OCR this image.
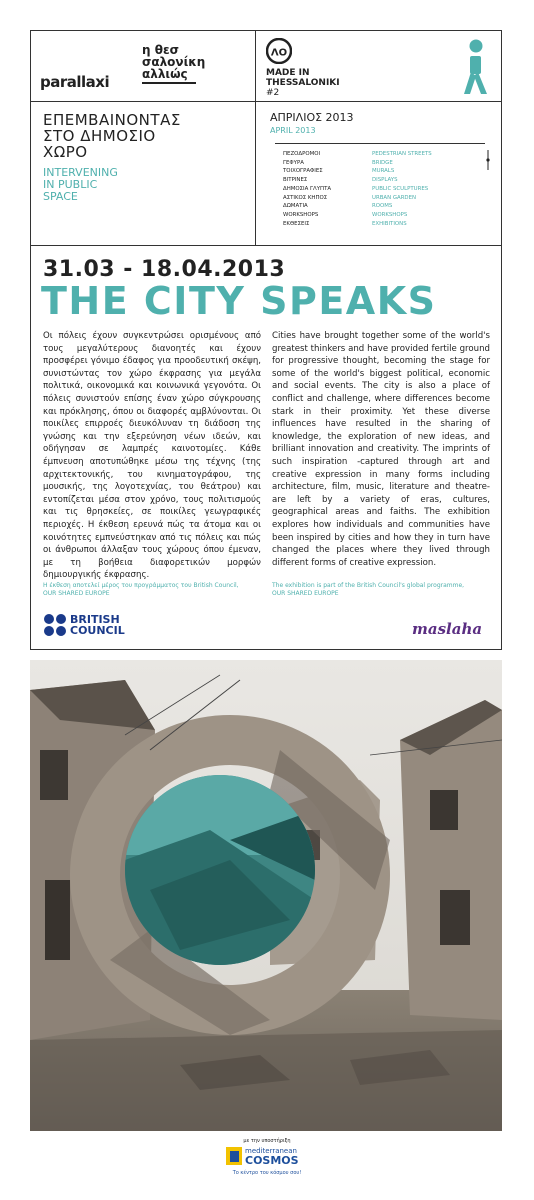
parallaxi
η θεσ
σαλονίκη
αλλιώς
ΛΟ
MADE IN
THESSALONIKI
#2
ΕΠΕΜΒΑΙΝΟΝΤΑΣ
ΣΤΟ ΔΗΜΟΣΙΟ
ΧΩΡΟ
INTERVENING
IN PUBLIC
SPACE
ΑΠΡΙΛΙΟΣ 2013
APRIL 2013
ΠΕΖΟΔΡΟΜΟΙ
ΓΕΦΥΡΑ
ΤΟΙΧΟΓΡΑΦΙΕΣ
ΒΙΤΡΙΝΕΣ
ΔΗΜΟΣΙΑ ΓΛΥΠΤΑ
ΑΣΤΙΚΟΣ ΚΗΠΟΣ
ΔΩΜΑΤΙΑ
WORKSHOPS
ΕΚΘΕΣΕΙΣ
PEDESTRIAN STREETS
BRIDGE
MURALS
DISPLAYS
PUBLIC SCULPTURES
URBAN GARDEN
ROOMS
WORKSHOPS
EXHIBITIONS
31.03 - 18.04.2013
THE CITY SPEAKS
Οι πόλεις έχουν συγκεντρώσει ορισμένους από τους μεγαλύτερους διανοητές και έχουν προσφέρει γόνιμο έδαφος για προοδευτική σκέψη, συνιστώντας τον χώρο έκφρασης για μεγάλα πολιτικά, οικονομικά και κοινωνικά γεγονότα. Οι πόλεις συνιστούν επίσης έναν χώρο σύγκρουσης και πρόκλησης, όπου οι διαφορές αμβλύνονται. Οι ποικίλες επιρροές διευκόλυναν τη διάδοση της γνώσης και την εξερεύνηση νέων ιδεών, και οδήγησαν σε λαμπρές καινοτομίες. Κάθε έμπνευση αποτυπώθηκε μέσω της τέχνης (της αρχιτεκτονικής, του κινηματογράφου, της μουσικής, της λογοτεχνίας, του θεάτρου) και εντοπίζεται μέσα στον χρόνο, τους πολιτισμούς και τις θρησκείες, σε ποικίλες γεωγραφικές περιοχές. Η έκθεση ερευνά πώς τα άτομα και οι κοινότητες εμπνεύστηκαν από τις πόλεις και πώς οι άνθρωποι άλλαξαν τους χώρους όπου έμεναν, με τη βοήθεια διαφορετικών μορφών δημιουργικής έκφρασης.
Η έκθεση αποτελεί μέρος του προγράμματος του British Council,
OUR SHARED EUROPE
Cities have brought together some of the world's greatest thinkers and have provided fertile ground for progressive thought, becoming the stage for some of the world's biggest political, economic and social events. The city is also a place of conflict and challenge, where differences become stark in their proximity. Yet these diverse influences have resulted in the sharing of knowledge, the exploration of new ideas, and brilliant innovation and creativity. The imprints of such inspiration -captured through art and creative expression in many forms including architecture, film, music, literature and theatre- are left by a variety of eras, cultures, geographical areas and faiths. The exhibition explores how individuals and communities have been inspired by cities and how they in turn have changed the places where they lived through different forms of creative expression.
The exhibition is part of the British Council's global programme,
OUR SHARED EUROPE
BRITISH
COUNCIL	maslaha
με την υποστήριξη
mediterranean
COSMOS
Το κέντρο του κόσμου σου!
